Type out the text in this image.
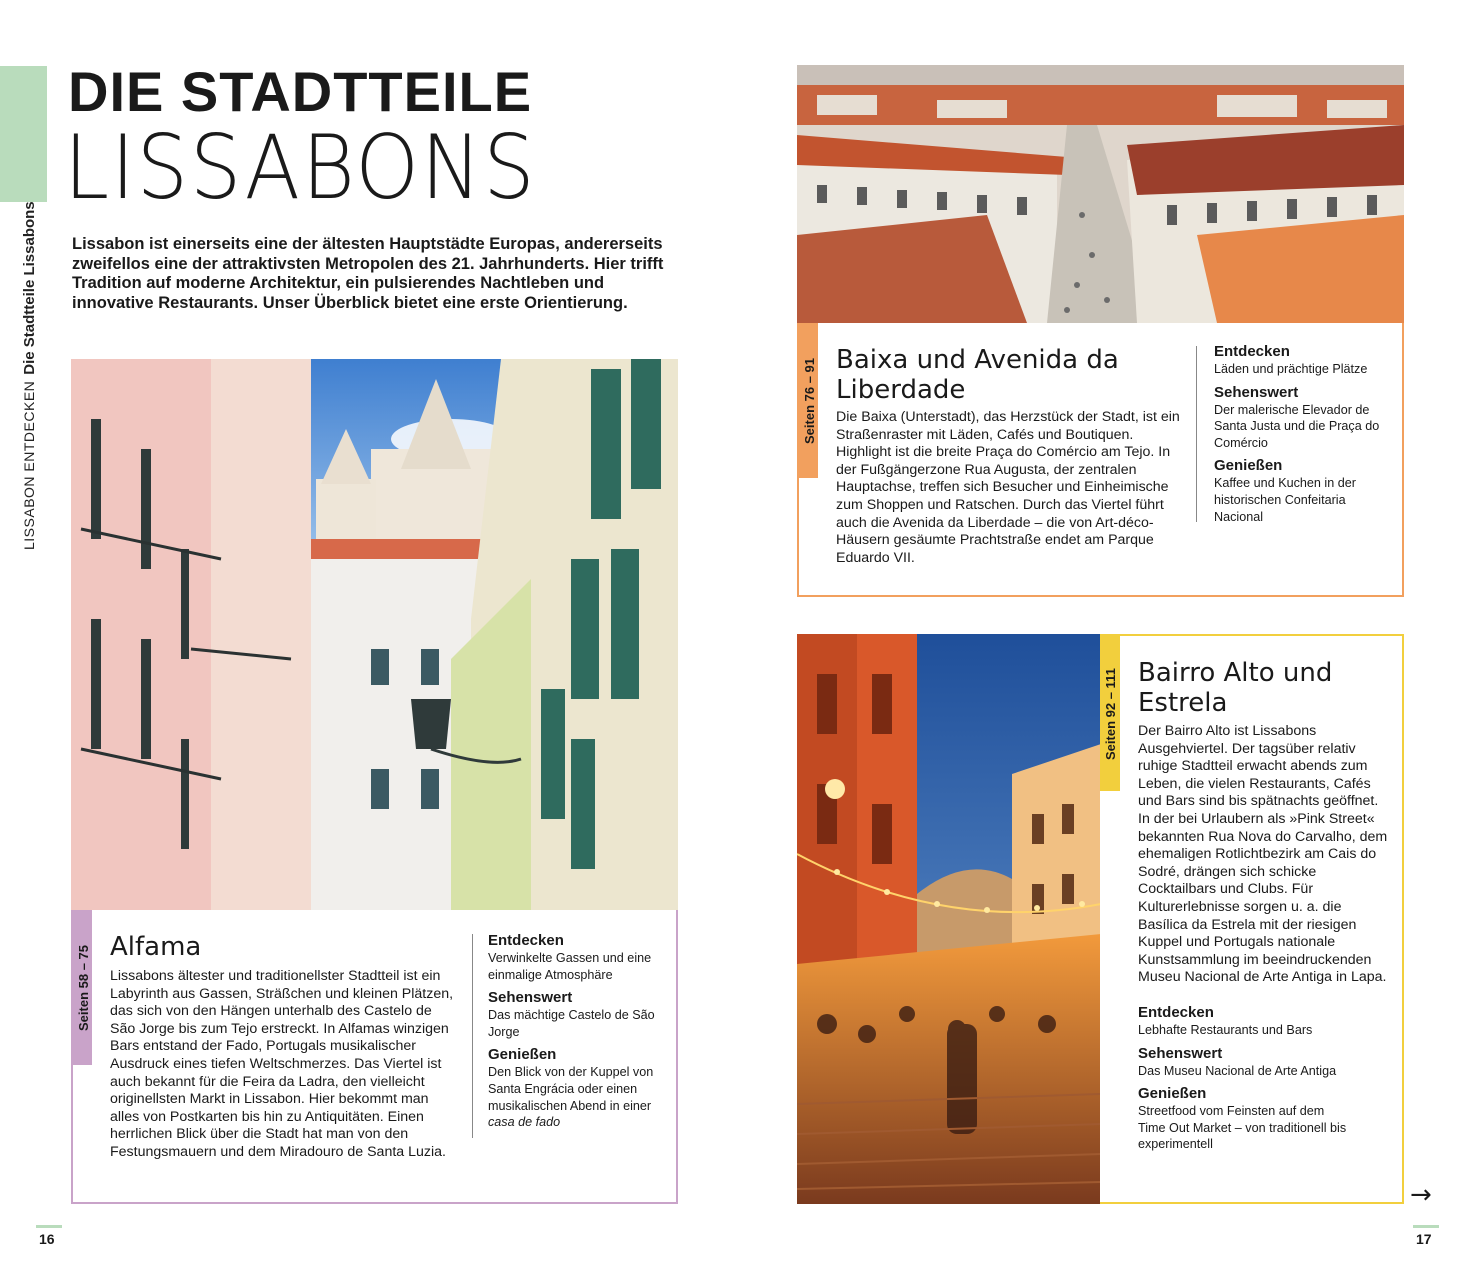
LISSABON ENTDECKENDie Stadtteile Lissabons
DIE STADTTEILE
LISSABONS
Lissabon ist einerseits eine der ältesten Hauptstädte Europas, andererseits zweifellos eine der attraktivsten Metropolen des 21. Jahrhunderts. Hier trifft Tradition auf moderne Architektur, ein pulsierendes Nachtleben und innovative Restaurants. Unser Überblick bietet eine erste Orientierung.
Seiten 58 – 75 Alfama
Lissabons ältester und traditionellster Stadtteil ist ein Labyrinth aus Gassen, Sträßchen und kleinen Plätzen, das sich von den Hängen unterhalb des Castelo de São Jorge bis zum Tejo erstreckt. In Alfamas winzigen Bars entstand der Fado, Portugals musikalischer Ausdruck eines tiefen Weltschmerzes. Das Viertel ist auch bekannt für die Feira da Ladra, den vielleicht originellsten Markt in Lissabon. Hier bekommt man alles von Postkarten bis hin zu Antiquitäten. Einen herrlichen Blick über die Stadt hat man von den Festungsmauern und dem Miradouro de Santa Luzia.
Entdecken
Verwinkelte Gassen und eine einmalige Atmosphäre
Sehenswert
Das mächtige Castelo de São Jorge
Genießen
Den Blick von der Kuppel von Santa Engrácia oder einen musikalischen Abend in einer casa de fado
Seiten 76 – 91 Baixa und Avenida da Liberdade
Die Baixa (Unterstadt), das Herzstück der Stadt, ist ein Straßenraster mit Läden, Cafés und Boutiquen. Highlight ist die breite Praça do Comércio am Tejo. In der Fußgängerzone Rua Augusta, der zentralen Hauptachse, treffen sich Besucher und Einheimische zum Shoppen und Ratschen. Durch das Viertel führt auch die Avenida da Liberdade – die von Art-déco-Häusern gesäumte Prachtstraße endet am Parque Eduardo VII.
Entdecken
Läden und prächtige Plätze
Sehenswert
Der malerische Elevador de Santa Justa und die Praça do Comércio
Genießen
Kaffee und Kuchen in der historischen Confeitaria Nacional
Seiten 92 – 111 Bairro Alto und Estrela
Der Bairro Alto ist Lissabons Ausgehviertel. Der tagsüber relativ ruhige Stadtteil erwacht abends zum Leben, die vielen Restaurants, Cafés und Bars sind bis spätnachts geöffnet. In der bei Urlaubern als »Pink Street« bekannten Rua Nova do Carvalho, dem ehemaligen Rotlichtbezirk am Cais do Sodré, drängen sich schicke Cocktailbars und Clubs. Für Kulturerlebnisse sorgen u. a. die Basílica da Estrela mit der riesigen Kuppel und Portugals nationale Kunstsammlung im beeindruckenden Museu Nacional de Arte Antiga in Lapa.
Entdecken
Lebhafte Restaurants und Bars
Sehenswert
Das Museu Nacional de Arte Antiga
Genießen
Streetfood vom Feinsten auf dem Time Out Market – von traditionell bis experimentell
16	17
→
